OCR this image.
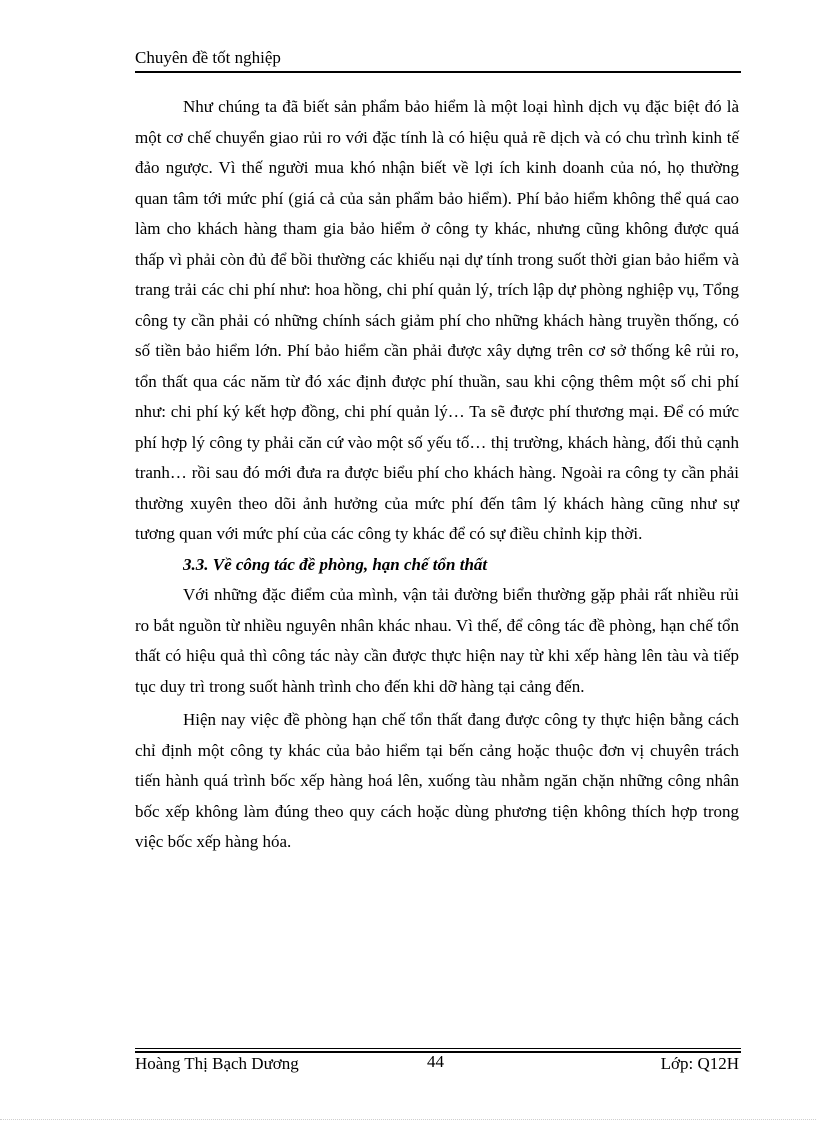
Chuyên đề tốt nghiệp

Như chúng ta đã biết sản phẩm bảo hiểm là một loại hình dịch vụ đặc biệt đó là một cơ chế chuyển giao rủi ro với đặc tính là có hiệu quả rẽ dịch và có chu trình kinh tế đảo ngược. Vì thế người mua khó nhận biết về lợi ích kinh doanh của nó, họ thường quan tâm tới mức phí (giá cả của sản phẩm bảo hiểm). Phí bảo hiểm không thể quá cao làm cho khách hàng tham gia bảo hiểm ở công ty khác, nhưng cũng không được quá thấp vì phải còn đủ để bồi thường các khiếu nại dự tính trong suốt thời gian bảo hiểm và trang trải các chi phí như: hoa hồng, chi phí quản lý, trích lập dự phòng nghiệp vụ, Tổng công ty cần phải có những chính sách giảm phí cho những khách hàng truyền thống, có số tiền bảo hiểm lớn. Phí bảo hiểm cần phải được xây dựng trên cơ sở thống kê rủi ro, tổn thất qua các năm từ đó xác định được phí thuần, sau khi cộng thêm một số chi phí như: chi phí ký kết hợp đồng, chi phí quản lý… Ta sẽ được phí thương mại. Để có mức phí hợp lý công ty phải căn cứ vào một số yếu tố… thị trường, khách hàng, đối thủ cạnh tranh… rồi sau đó mới đưa ra được biểu phí cho khách hàng. Ngoài ra công ty cần phải thường xuyên theo dõi ảnh hưởng của mức phí đến tâm lý khách hàng cũng như sự tương quan với mức phí của các công ty khác để có sự điều chỉnh kịp thời.

3.3. Về công tác đề phòng, hạn chế tổn thất

Với những đặc điểm của mình, vận tải đường biển thường gặp phải rất nhiều rủi ro bắt nguồn từ nhiều nguyên nhân khác nhau. Vì thế, để công tác đề phòng, hạn chế tổn thất có hiệu quả thì công tác này cần được thực hiện nay từ khi xếp hàng lên tàu và tiếp tục duy trì trong suốt hành trình cho đến khi dỡ hàng tại cảng đến.

Hiện nay việc đề phòng hạn chế tổn thất đang được công ty thực hiện bằng cách chỉ định một công ty khác của bảo hiểm tại bến cảng hoặc thuộc đơn vị chuyên trách tiến hành quá trình bốc xếp hàng hoá lên, xuống tàu nhằm ngăn chặn những công nhân bốc xếp không làm đúng theo quy cách hoặc dùng phương tiện không thích hợp trong việc bốc xếp hàng hóa.

Hoàng Thị Bạch Dương	44	Lớp: Q12H
